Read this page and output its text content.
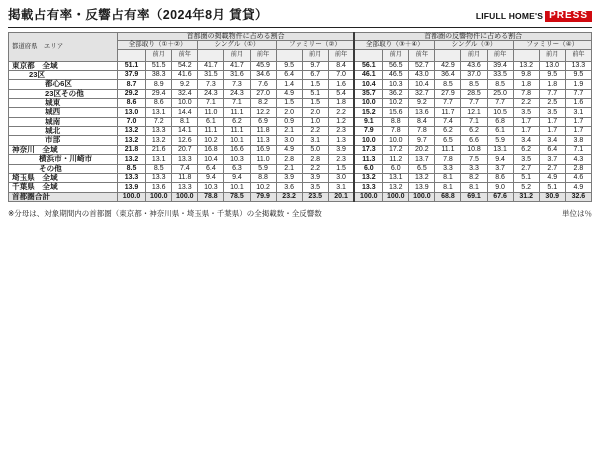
掲載占有率・反響占有率（2024年8月 賃貸）	LIFULL HOME'S PRESS
都道府県　エリア	首都圏の掲載物件に占める割合									首都圏の反響物件に占める割合								
	全部取り（①＋②）			シングル（①）			ファミリー（②）			全部取り（③＋④）			シングル（③）			ファミリー（④）		
		前月	前年		前月	前年		前月	前年		前月	前年		前月	前年		前月	前年
東京都　全域	51.1	51.5	54.2	41.7	41.7	45.9	9.5	9.7	8.4	56.1	56.5	52.7	42.9	43.6	39.4	13.2	13.0	13.3
23区	37.9	38.3	41.6	31.5	31.6	34.6	6.4	6.7	7.0	46.1	46.5	43.0	36.4	37.0	33.5	9.8	9.5	9.5
都心6区	8.7	8.9	9.2	7.3	7.3	7.6	1.4	1.5	1.6	10.4	10.3	10.4	8.5	8.5	8.5	1.8	1.8	1.9
23区その他	29.2	29.4	32.4	24.3	24.3	27.0	4.9	5.1	5.4	35.7	36.2	32.7	27.9	28.5	25.0	7.8	7.7	7.7
城東	8.6	8.6	10.0	7.1	7.1	8.2	1.5	1.5	1.8	10.0	10.2	9.2	7.7	7.7	7.7	2.2	2.5	1.6
城西	13.0	13.1	14.4	11.0	11.1	12.2	2.0	2.0	2.2	15.2	15.6	13.6	11.7	12.1	10.5	3.5	3.5	3.1
城南	7.0	7.2	8.1	6.1	6.2	6.9	0.9	1.0	1.2	9.1	8.8	8.4	7.4	7.1	6.8	1.7	1.7	1.7
城北	13.2	13.3	14.1	11.1	11.1	11.8	2.1	2.2	2.3	7.9	7.8	7.8	6.2	6.2	6.1	1.7	1.7	1.7
市部	13.2	13.2	12.6	10.2	10.1	11.3	3.0	3.1	1.3	10.0	10.0	9.7	6.5	6.6	5.9	3.4	3.4	3.8
神奈川　全域	21.8	21.6	20.7	16.8	16.6	16.9	4.9	5.0	3.9	17.3	17.2	20.2	11.1	10.8	13.1	6.2	6.4	7.1
横浜市・川崎市	13.2	13.1	13.3	10.4	10.3	11.0	2.8	2.8	2.3	11.3	11.2	13.7	7.8	7.5	9.4	3.5	3.7	4.3
その他	8.5	8.5	7.4	6.4	6.3	5.9	2.1	2.2	1.5	6.0	6.0	6.5	3.3	3.3	3.7	2.7	2.7	2.8
埼玉県　全域	13.3	13.3	11.8	9.4	9.4	8.8	3.9	3.9	3.0	13.2	13.1	13.2	8.1	8.2	8.6	5.1	4.9	4.6
千葉県　全域	13.9	13.6	13.3	10.3	10.1	10.2	3.6	3.5	3.1	13.3	13.2	13.9	8.1	8.1	9.0	5.2	5.1	4.9
首都圏合計	100.0	100.0	100.0	78.8	78.5	79.9	23.2	23.5	20.1	100.0	100.0	100.0	68.8	69.1	67.6	31.2	30.9	32.6
※分母は、対象期間内の首都圏（東京都・神奈川県・埼玉県・千葉県）の全掲載数・全反響数	単位は％
